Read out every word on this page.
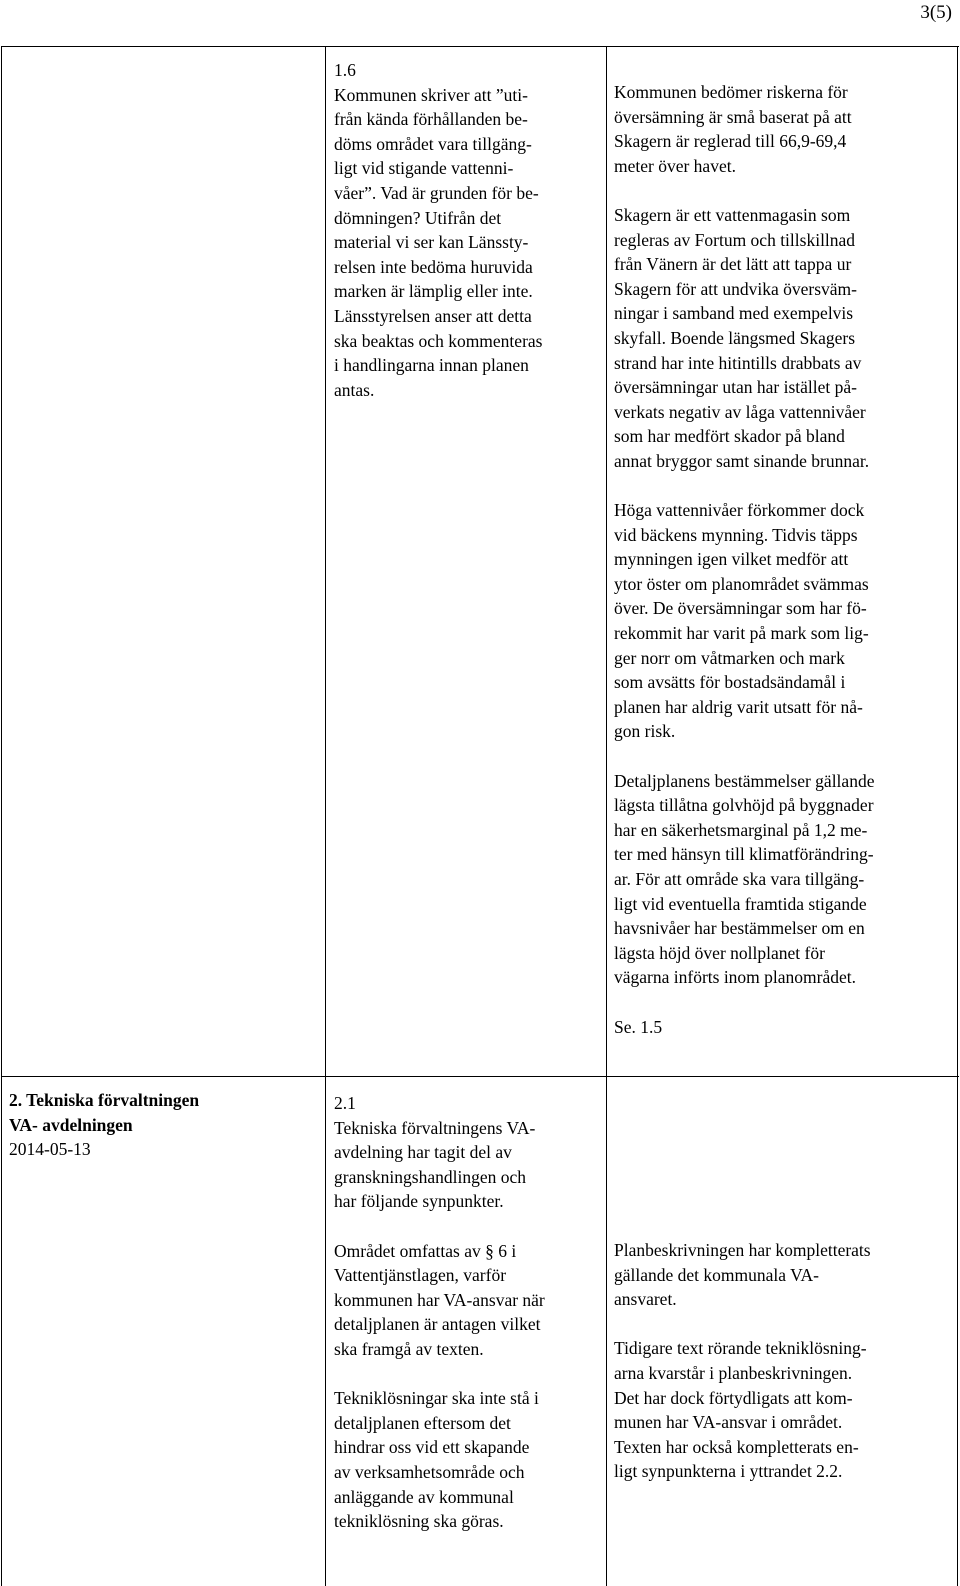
3(5)

1.6

Kommunen skriver att ”uti-

från kända förhållanden be-

döms området vara tillgäng-

ligt vid stigande vattenni-

våer”. Vad är grunden för be-

dömningen? Utifrån det

material vi ser kan Länssty-

relsen inte bedöma huruvida

marken är lämplig eller inte.

Länsstyrelsen anser att detta

ska beaktas och kommenteras

i handlingarna innan planen

antas.

Kommunen bedömer riskerna för

översämning är små baserat på att

Skagern är reglerad till 66,9-69,4

meter över havet.

Skagern är ett vattenmagasin som

regleras av Fortum och tillskillnad

från Vänern är det lätt att tappa ur

Skagern för att undvika översväm-

ningar i samband med exempelvis

skyfall. Boende längsmed Skagers

strand har inte hitintills drabbats av

översämningar utan har istället på-

verkats negativ av låga vattennivåer

som har medfört skador på bland

annat bryggor samt sinande brunnar.

Höga vattennivåer förkommer dock

vid bäckens mynning. Tidvis täpps

mynningen igen vilket medför att

ytor öster om planområdet svämmas

över. De översämningar som har fö-

rekommit har varit på mark som lig-

ger norr om våtmarken och mark

som avsätts för bostadsändamål i

planen har aldrig varit utsatt för nå-

gon risk.

Detaljplanens bestämmelser gällande

lägsta tillåtna golvhöjd på byggnader

har en säkerhetsmarginal på 1,2 me-

ter med hänsyn till klimatförändring-

ar. För att område ska vara tillgäng-

ligt vid eventuella framtida stigande

havsnivåer har bestämmelser om en

lägsta höjd över nollplanet för

vägarna införts inom planområdet.

Se. 1.5

2. Tekniska förvaltningen

VA- avdelningen

2014-05-13

2.1

Tekniska förvaltningens VA-

avdelning har tagit del av

granskningshandlingen och

har följande synpunkter.

Området omfattas av § 6 i

Vattentjänstlagen, varför

kommunen har VA-ansvar när

detaljplanen är antagen vilket

ska framgå av texten.

Tekniklösningar ska inte stå i

detaljplanen eftersom det

hindrar oss vid ett skapande

av verksamhetsområde och

anläggande av kommunal

tekniklösning ska göras.

Planbeskrivningen har kompletterats

gällande det kommunala VA-

ansvaret.

Tidigare text rörande tekniklösning-

arna kvarstår i planbeskrivningen.

Det har dock förtydligats att kom-

munen har VA-ansvar i området.

Texten har också kompletterats en-

ligt synpunkterna i yttrandet 2.2.
